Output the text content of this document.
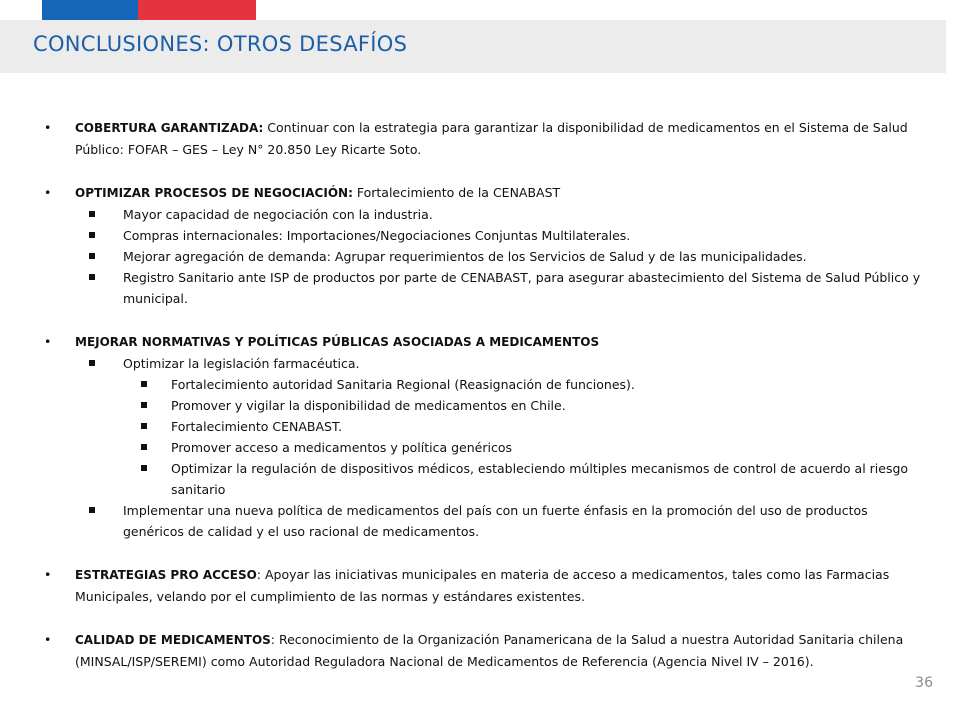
CONCLUSIONES: OTROS DESAFÍOS
• COBERTURA GARANTIZADA: Continuar con la estrategia para garantizar la disponibilidad de medicamentos en el Sistema de Salud Público: FOFAR – GES – Ley N° 20.850 Ley Ricarte Soto.
• OPTIMIZAR PROCESOS DE NEGOCIACIÓN: Fortalecimiento de la CENABAST
Mayor capacidad de negociación con la industria.
Compras internacionales: Importaciones/Negociaciones Conjuntas Multilaterales.
Mejorar agregación de demanda: Agrupar requerimientos de los Servicios de Salud y de las municipalidades.
Registro Sanitario ante ISP de productos por parte de CENABAST, para asegurar abastecimiento del Sistema de Salud Público y municipal.
• MEJORAR NORMATIVAS Y POLÍTICAS PÚBLICAS ASOCIADAS A MEDICAMENTOS
Optimizar la legislación farmacéutica.
Fortalecimiento autoridad Sanitaria Regional (Reasignación de funciones).
Promover y vigilar la disponibilidad de medicamentos en Chile.
Fortalecimiento CENABAST.
Promover acceso a medicamentos y política genéricos
Optimizar la regulación de dispositivos médicos, estableciendo múltiples mecanismos de control de acuerdo al riesgo sanitario
Implementar una nueva política de medicamentos del país con un fuerte énfasis en la promoción del uso de productos genéricos de calidad y el uso racional de medicamentos.
• ESTRATEGIAS PRO ACCESO: Apoyar las iniciativas municipales en materia de acceso a medicamentos, tales como las Farmacias Municipales, velando por el cumplimiento de las normas y estándares existentes.
• CALIDAD DE MEDICAMENTOS: Reconocimiento de la Organización Panamericana de la Salud a nuestra Autoridad Sanitaria chilena (MINSAL/ISP/SEREMI) como Autoridad Reguladora Nacional de Medicamentos de Referencia (Agencia Nivel IV – 2016).
36
